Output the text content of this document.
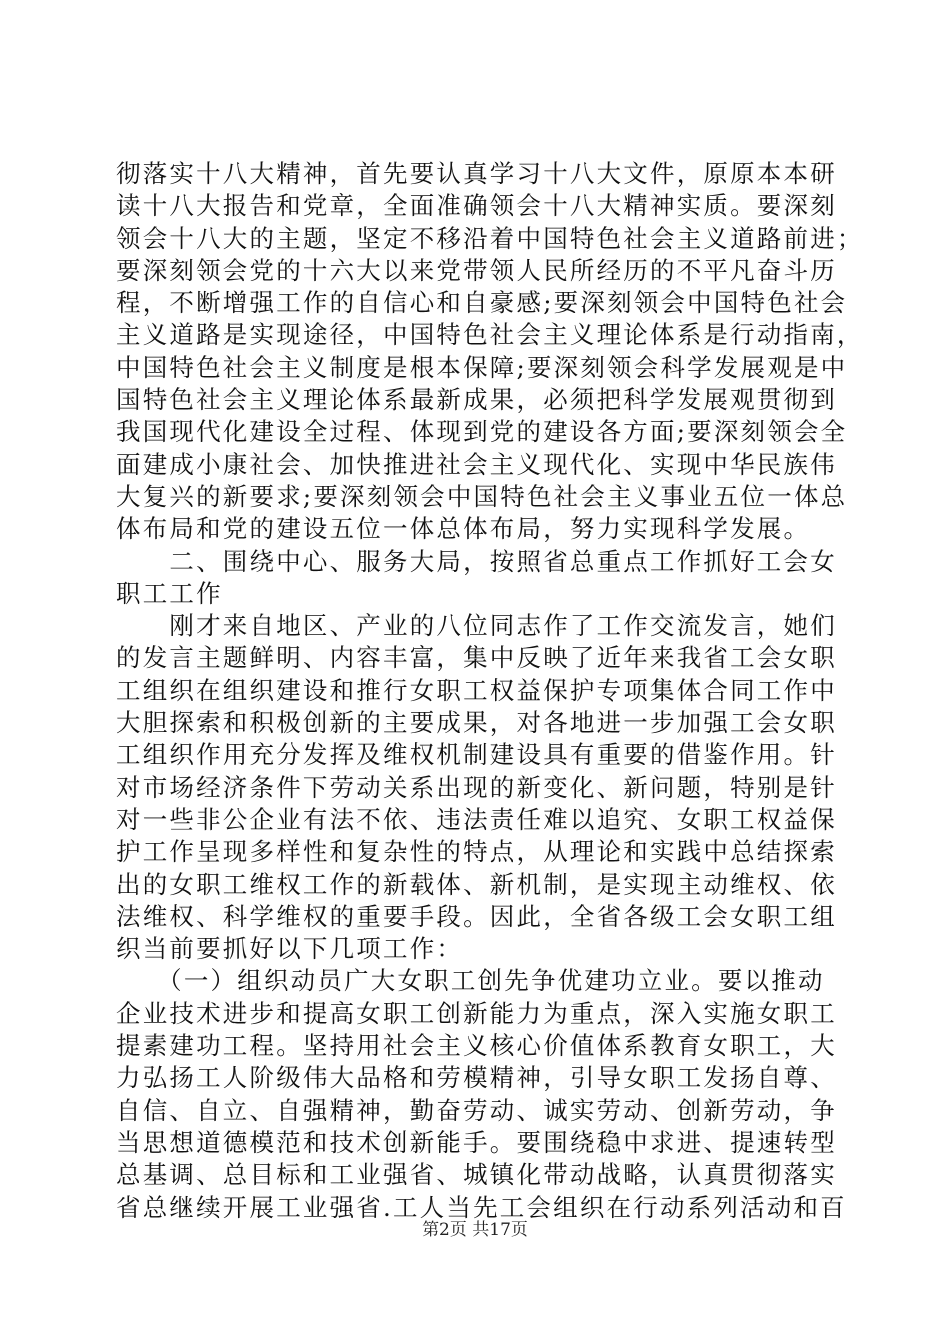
彻落实十八大精神，首先要认真学习十八大文件，原原本本研
读十八大报告和党章，全面准确领会十八大精神实质。要深刻
领会十八大的主题，坚定不移沿着中国特色社会主义道路前进；
要深刻领会党的十六大以来党带领人民所经历的不平凡奋斗历
程，不断增强工作的自信心和自豪感;要深刻领会中国特色社会
主义道路是实现途径，中国特色社会主义理论体系是行动指南，
中国特色社会主义制度是根本保障;要深刻领会科学发展观是中
国特色社会主义理论体系最新成果，必须把科学发展观贯彻到
我国现代化建设全过程、体现到党的建设各方面;要深刻领会全
面建成小康社会、加快推进社会主义现代化、实现中华民族伟
大复兴的新要求;要深刻领会中国特色社会主义事业五位一体总
体布局和党的建设五位一体总体布局，努力实现科学发展。
　　二、围绕中心、服务大局，按照省总重点工作抓好工会女
职工工作
　　刚才来自地区、产业的八位同志作了工作交流发言，她们
的发言主题鲜明、内容丰富，集中反映了近年来我省工会女职
工组织在组织建设和推行女职工权益保护专项集体合同工作中
大胆探索和积极创新的主要成果，对各地进一步加强工会女职
工组织作用充分发挥及维权机制建设具有重要的借鉴作用。针
对市场经济条件下劳动关系出现的新变化、新问题，特别是针
对一些非公企业有法不依、违法责任难以追究、女职工权益保
护工作呈现多样性和复杂性的特点，从理论和实践中总结探索
出的女职工维权工作的新载体、新机制，是实现主动维权、依
法维权、科学维权的重要手段。因此，全省各级工会女职工组
织当前要抓好以下几项工作：
　　（一）组织动员广大女职工创先争优建功立业。要以推动
企业技术进步和提高女职工创新能力为重点，深入实施女职工
提素建功工程。坚持用社会主义核心价值体系教育女职工，大
力弘扬工人阶级伟大品格和劳模精神，引导女职工发扬自尊、
自信、自立、自强精神，勤奋劳动、诚实劳动、创新劳动，争
当思想道德模范和技术创新能手。要围绕稳中求进、提速转型
总基调、总目标和工业强省、城镇化带动战略，认真贯彻落实
省总继续开展工业强省.工人当先工会组织在行动系列活动和百
第2页 共17页
